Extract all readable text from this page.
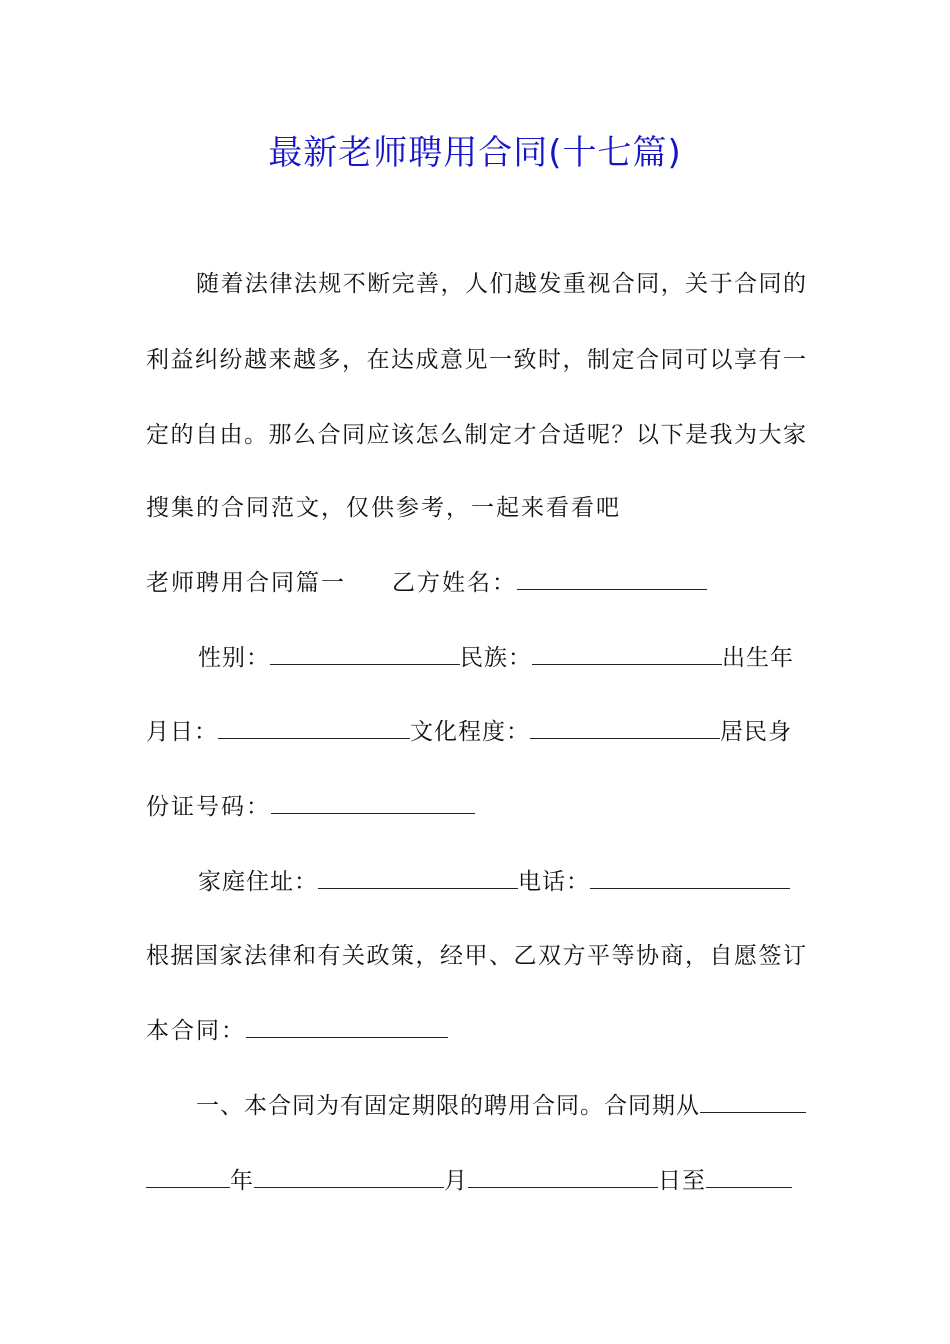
最新老师聘用合同(十七篇)
随着法律法规不断完善，人们越发重视合同，关于合同的
利益纠纷越来越多，在达成意见一致时，制定合同可以享有一
定的自由。那么合同应该怎么制定才合适呢？以下是我为大家
搜集的合同范文，仅供参考，一起来看看吧
老师聘用合同篇一 乙方姓名：
性别：	民族：	出生年
月日：	文化程度：	居民身
份证号码：
家庭住址：	电话：
根据国家法律和有关政策，经甲、乙双方平等协商，自愿签订
本合同：
一、本合同为有固定期限的聘用合同。合同期从
年	月	日至
